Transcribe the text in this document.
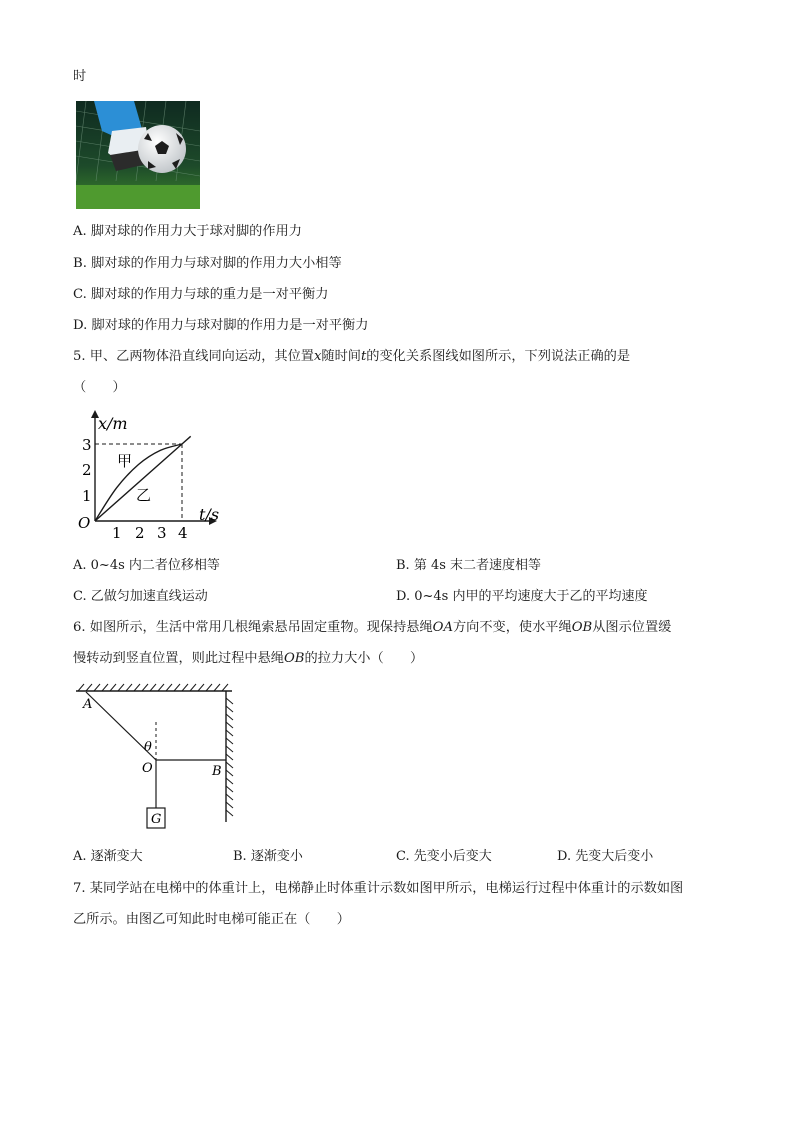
时
A. 脚对球的作用力大于球对脚的作用力
B. 脚对球的作用力与球对脚的作用力大小相等
C. 脚对球的作用力与球的重力是一对平衡力
D. 脚对球的作用力与球对脚的作用力是一对平衡力
5. 甲、乙两物体沿直线同向运动，其位置x随时间t的变化关系图线如图所示，下列说法正确的是
（　　）
x/m
t/s
O
1 2 3 4
1
2
3
甲
乙
A. 0~4s 内二者位移相等	B. 第 4s 末二者速度相等
C. 乙做匀加速直线运动	D. 0~4s 内甲的平均速度大于乙的平均速度
6. 如图所示，生活中常用几根绳索悬吊固定重物。现保持悬绳OA方向不变，使水平绳OB从图示位置缓
慢转动到竖直位置，则此过程中悬绳OB的拉力大小（　　）
A
θ
O	B
G
A. 逐渐变大	B. 逐渐变小	C. 先变小后变大	D. 先变大后变小
7. 某同学站在电梯中的体重计上，电梯静止时体重计示数如图甲所示，电梯运行过程中体重计的示数如图
乙所示。由图乙可知此时电梯可能正在（　　）
